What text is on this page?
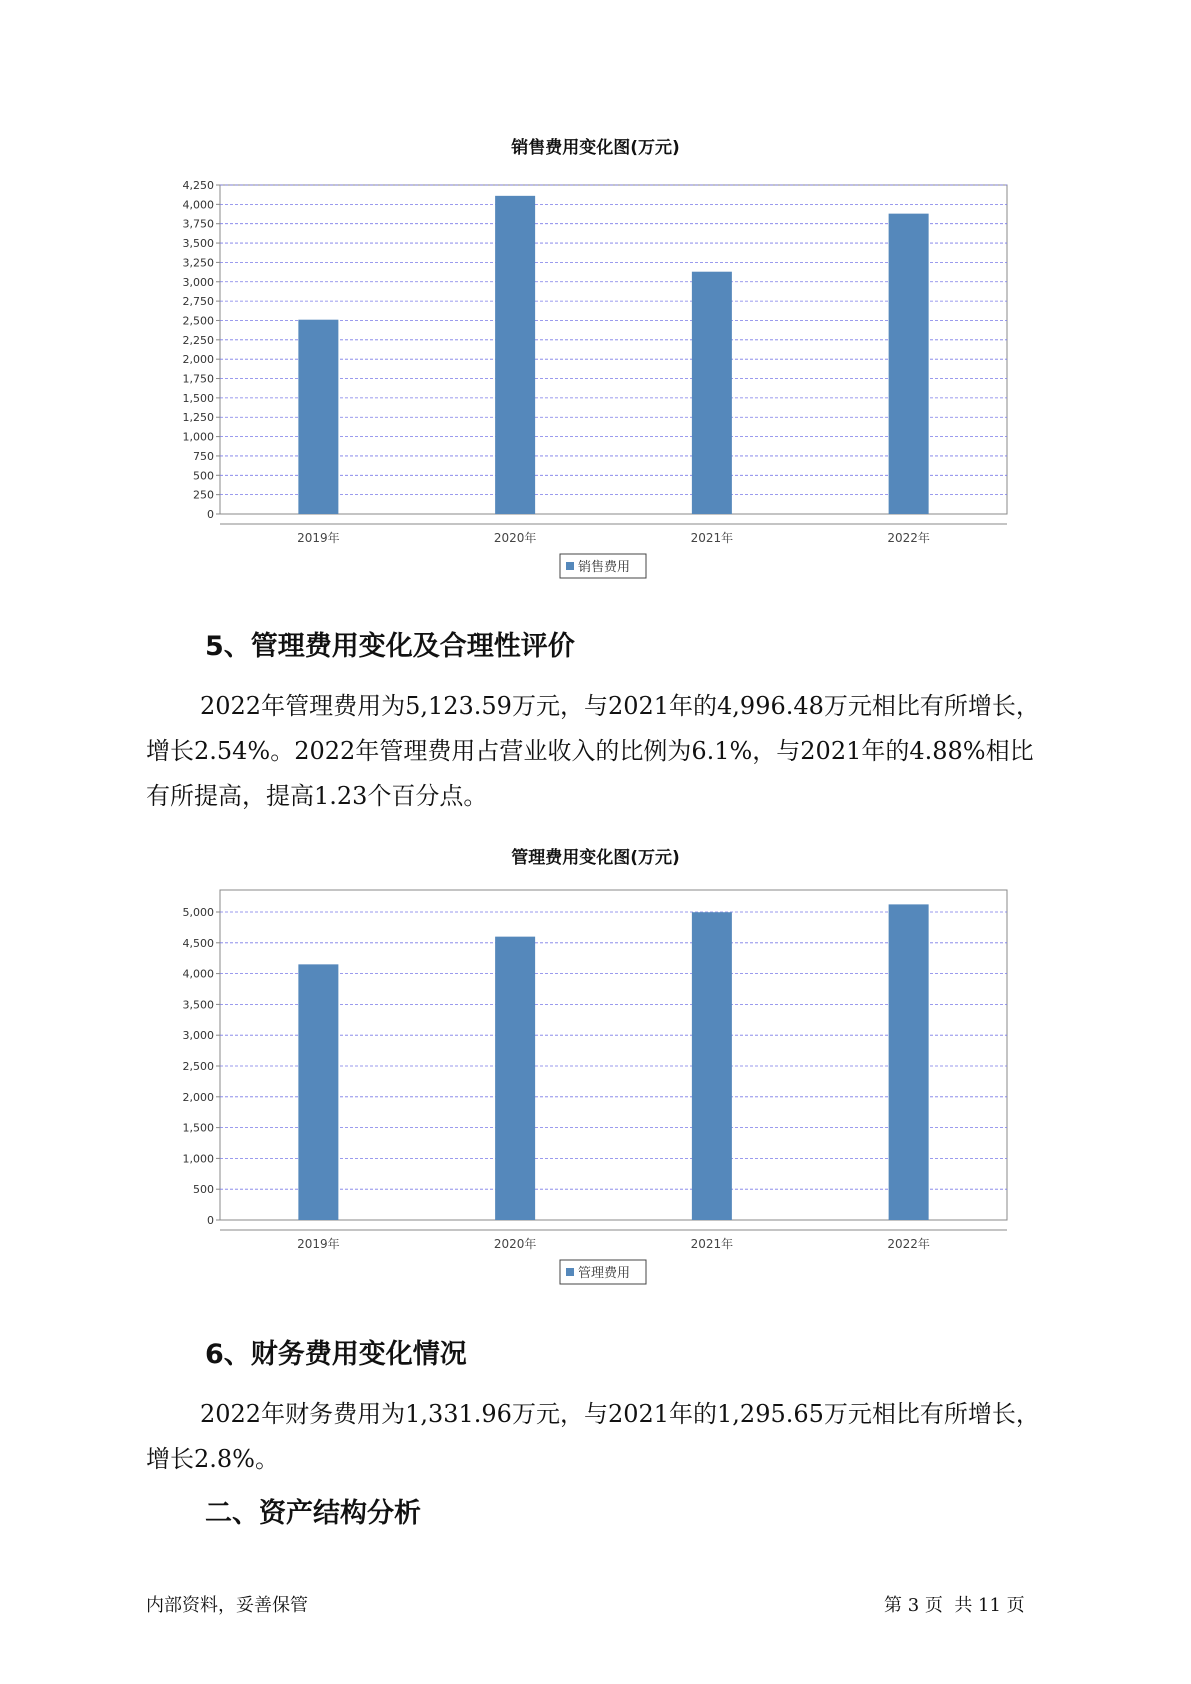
销售费用变化图(万元)
0
250
500
750
1,000
1,250
1,500
1,750
2,000
2,250
2,500
2,750
3,000
3,250
3,500
3,750
4,000
4,250
2019年	2020年	2021年	2022年
销售费用
5、管理费用变化及合理性评价

2022年管理费用为5,123.59万元，与2021年的4,996.48万元相比有所增长，增长2.54%。2022年管理费用占营业收入的比例为6.1%，与2021年的4.88%相比有所提高，提高1.23个百分点。

管理费用变化图(万元)
0
500
1,000
1,500
2,000
2,500
3,000
3,500
4,000
4,500
5,000
2019年	2020年	2021年	2022年
管理费用
6、财务费用变化情况

2022年财务费用为1,331.96万元，与2021年的1,295.65万元相比有所增长，增长2.8%。

二、资产结构分析
内部资料，妥善保管	第 3 页  共 11 页
